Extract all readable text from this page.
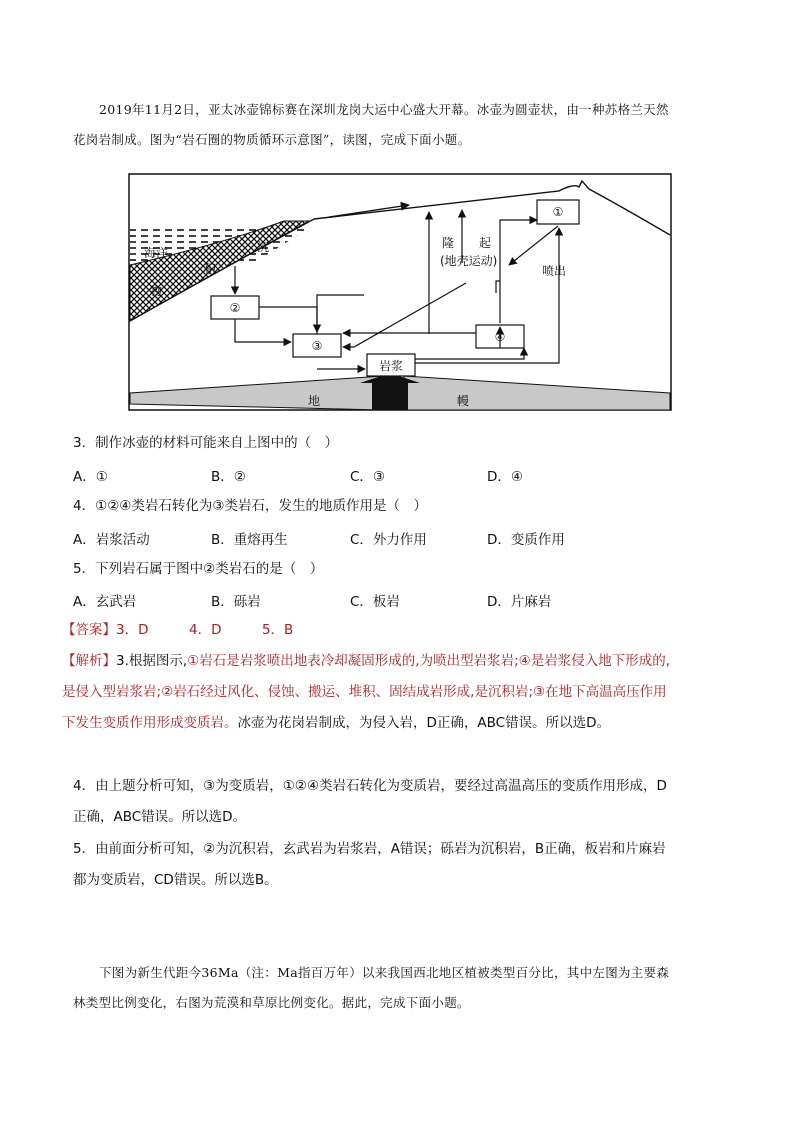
2019年11月2日，亚太冰壶锦标赛在深圳龙岗大运中心盛大开幕。冰壶为圆壶状，由一种苏格兰天然花岗岩制成。图为“岩石圈的物质循环示意图”，读图，完成下面小题。
①
②
③
④
岩浆
海洋	沉
积
物
隆 起
(地壳运动)
喷出
地	幔
3．制作冰壶的材料可能来自上图中的（　）
A．①	B．②	C．③	D．④
4．①②④类岩石转化为③类岩石，发生的地质作用是（　）
A．岩浆活动	B．重熔再生	C．外力作用	D．变质作用
5．下列岩石属于图中②类岩石的是（　）
A．玄武岩	B．砾岩	C．板岩	D．片麻岩
【答案】3．D　　　4．D　　　5．B
【解析】3.根据图示,①岩石是岩浆喷出地表冷却凝固形成的,为喷出型岩浆岩;④是岩浆侵入地下形成的,是侵入型岩浆岩;②岩石经过风化、侵蚀、搬运、堆积、固结成岩形成,是沉积岩;③在地下高温高压作用下发生变质作用形成变质岩。冰壶为花岗岩制成，为侵入岩，D正确，ABC错误。所以选D。
4．由上题分析可知，③为变质岩，①②④类岩石转化为变质岩，要经过高温高压的变质作用形成，D正确，ABC错误。所以选D。
5．由前面分析可知，②为沉积岩，玄武岩为岩浆岩，A错误；砾岩为沉积岩，B正确，板岩和片麻岩都为变质岩，CD错误。所以选B。
下图为新生代距今36Ma（注：Ma指百万年）以来我国西北地区植被类型百分比，其中左图为主要森林类型比例变化，右图为荒漠和草原比例变化。据此，完成下面小题。
